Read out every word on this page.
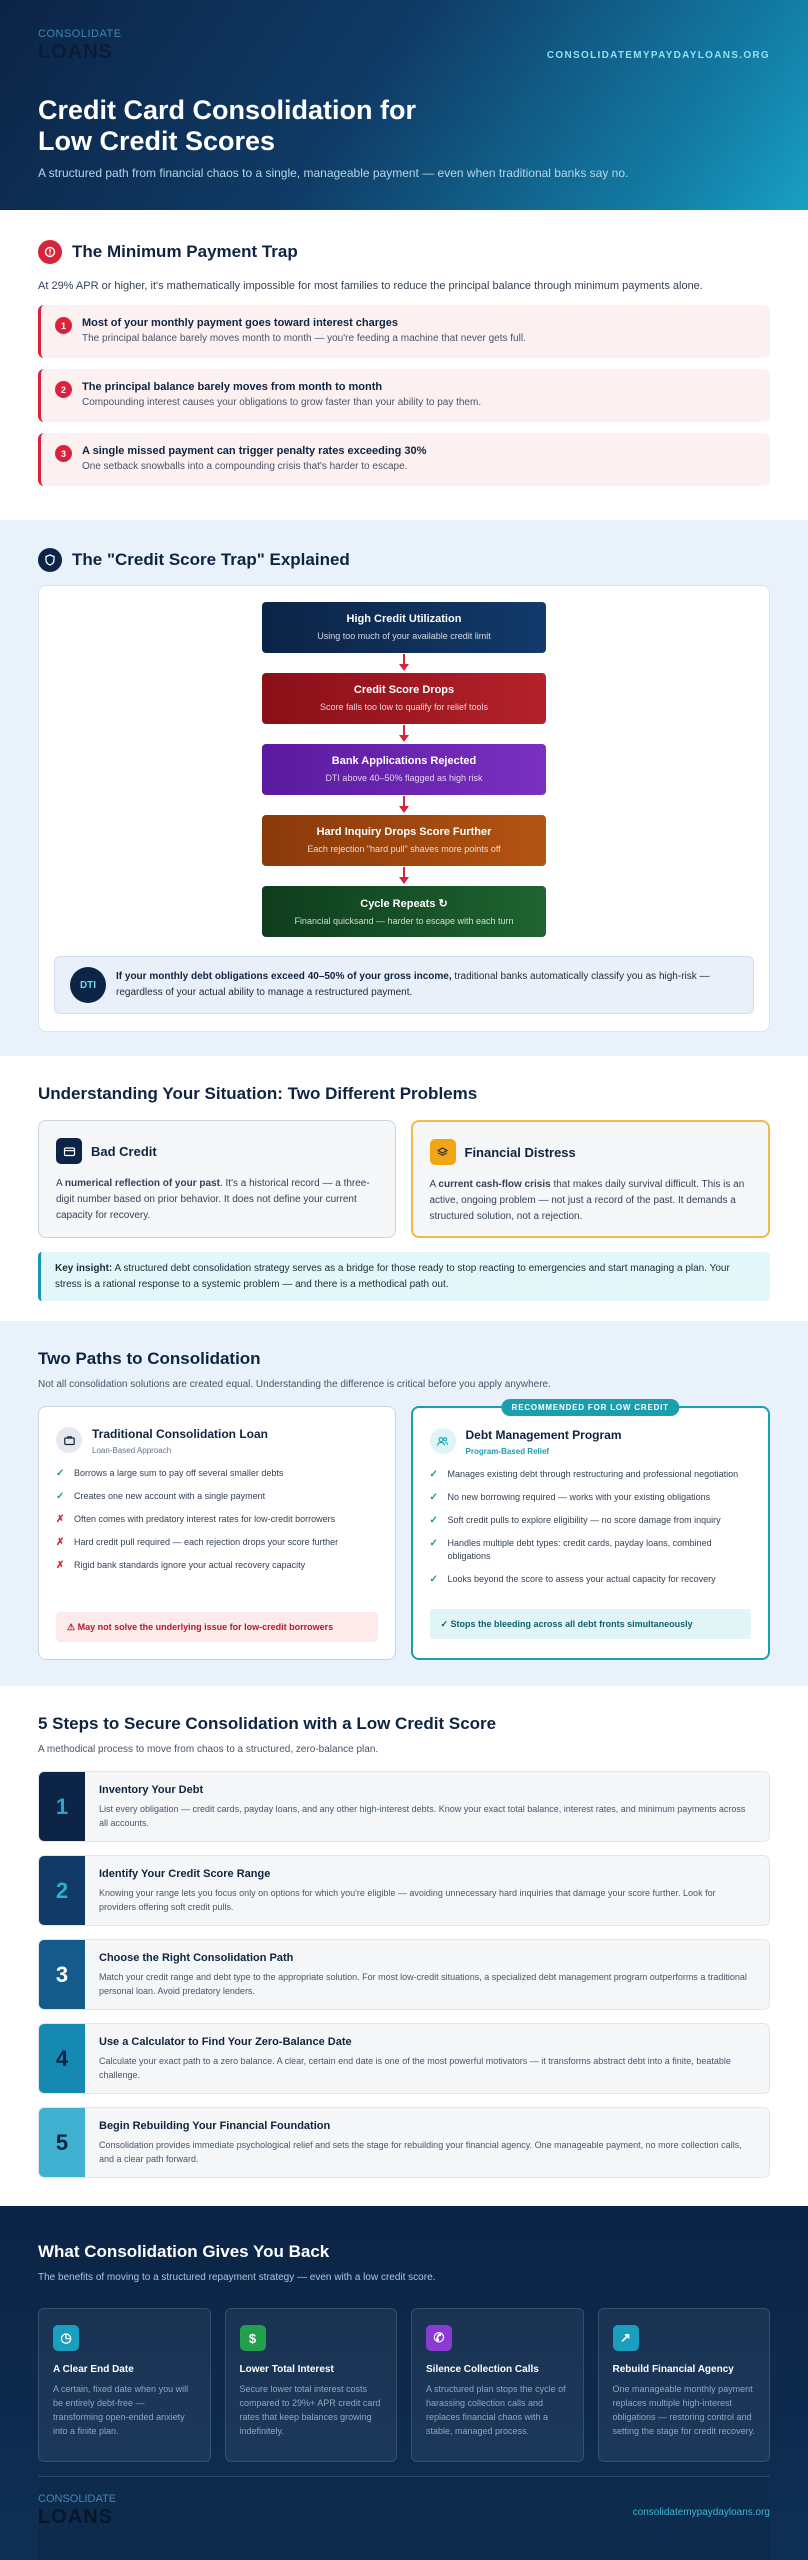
CONSOLIDATE
LOANS	CONSOLIDATEMYPAYDAYLOANS.ORG
Credit Card Consolidation for Low Credit Scores

A structured path from financial chaos to a single, manageable payment — even when traditional banks say no.

The Minimum Payment Trap

At 29% APR or higher, it's mathematically impossible for most families to reduce the principal balance through minimum payments alone.

1	Most of your monthly payment goes toward interest charges
The principal balance barely moves month to month — you're feeding a machine that never gets full.
2	The principal balance barely moves from month to month
Compounding interest causes your obligations to grow faster than your ability to pay them.
3	A single missed payment can trigger penalty rates exceeding 30%
One setback snowballs into a compounding crisis that's harder to escape.
The "Credit Score Trap" Explained
High Credit Utilization
Using too much of your available credit limit
Credit Score Drops
Score falls too low to qualify for relief tools
Bank Applications Rejected
DTI above 40–50% flagged as high risk
Hard Inquiry Drops Score Further
Each rejection "hard pull" shaves more points off
Cycle Repeats ↻
Financial quicksand — harder to escape with each turn
DTI
If your monthly debt obligations exceed 40–50% of your gross income, traditional banks automatically classify you as high-risk — regardless of your actual ability to manage a restructured payment.
Understanding Your Situation: Two Different Problems
Bad Credit

A numerical reflection of your past. It's a historical record — a three-digit number based on prior behavior. It does not define your current capacity for recovery.

Financial Distress

A current cash-flow crisis that makes daily survival difficult. This is an active, ongoing problem — not just a record of the past. It demands a structured solution, not a rejection.

Key insight: A structured debt consolidation strategy serves as a bridge for those ready to stop reacting to emergencies and start managing a plan. Your stress is a rational response to a systemic problem — and there is a methodical path out.
Two Paths to Consolidation

Not all consolidation solutions are created equal. Understanding the difference is critical before you apply anywhere.

Traditional Consolidation Loan
Loan-Based Approach
✓ Borrows a large sum to pay off several smaller debts
✓ Creates one new account with a single payment
✗ Often comes with predatory interest rates for low-credit borrowers
✗ Hard credit pull required — each rejection drops your score further
✗ Rigid bank standards ignore your actual recovery capacity
⚠ May not solve the underlying issue for low-credit borrowers
RECOMMENDED FOR LOW CREDIT
Debt Management Program
Program-Based Relief
✓ Manages existing debt through restructuring and professional negotiation
✓ No new borrowing required — works with your existing obligations
✓ Soft credit pulls to explore eligibility — no score damage from inquiry
✓ Handles multiple debt types: credit cards, payday loans, combined obligations
✓ Looks beyond the score to assess your actual capacity for recovery
✓ Stops the bleeding across all debt fronts simultaneously
5 Steps to Secure Consolidation with a Low Credit Score

A methodical process to move from chaos to a structured, zero-balance plan.

1
Inventory Your Debt
List every obligation — credit cards, payday loans, and any other high-interest debts. Know your exact total balance, interest rates, and minimum payments across all accounts.
2
Identify Your Credit Score Range
Knowing your range lets you focus only on options for which you're eligible — avoiding unnecessary hard inquiries that damage your score further. Look for providers offering soft credit pulls.
3
Choose the Right Consolidation Path
Match your credit range and debt type to the appropriate solution. For most low-credit situations, a specialized debt management program outperforms a traditional personal loan. Avoid predatory lenders.
4
Use a Calculator to Find Your Zero-Balance Date
Calculate your exact path to a zero balance. A clear, certain end date is one of the most powerful motivators — it transforms abstract debt into a finite, beatable challenge.
5
Begin Rebuilding Your Financial Foundation
Consolidation provides immediate psychological relief and sets the stage for rebuilding your financial agency. One manageable payment, no more collection calls, and a clear path forward.
What Consolidation Gives You Back

The benefits of moving to a structured repayment strategy — even with a low credit score.

◷
A Clear End Date
A certain, fixed date when you will be entirely debt-free — transforming open-ended anxiety into a finite plan.
$
Lower Total Interest
Secure lower total interest costs compared to 29%+ APR credit card rates that keep balances growing indefinitely.
✆
Silence Collection Calls
A structured plan stops the cycle of harassing collection calls and replaces financial chaos with a stable, managed process.
↗
Rebuild Financial Agency
One manageable monthly payment replaces multiple high-interest obligations — restoring control and setting the stage for credit recovery.
CONSOLIDATE
LOANS	consolidatemypaydayloans.org
